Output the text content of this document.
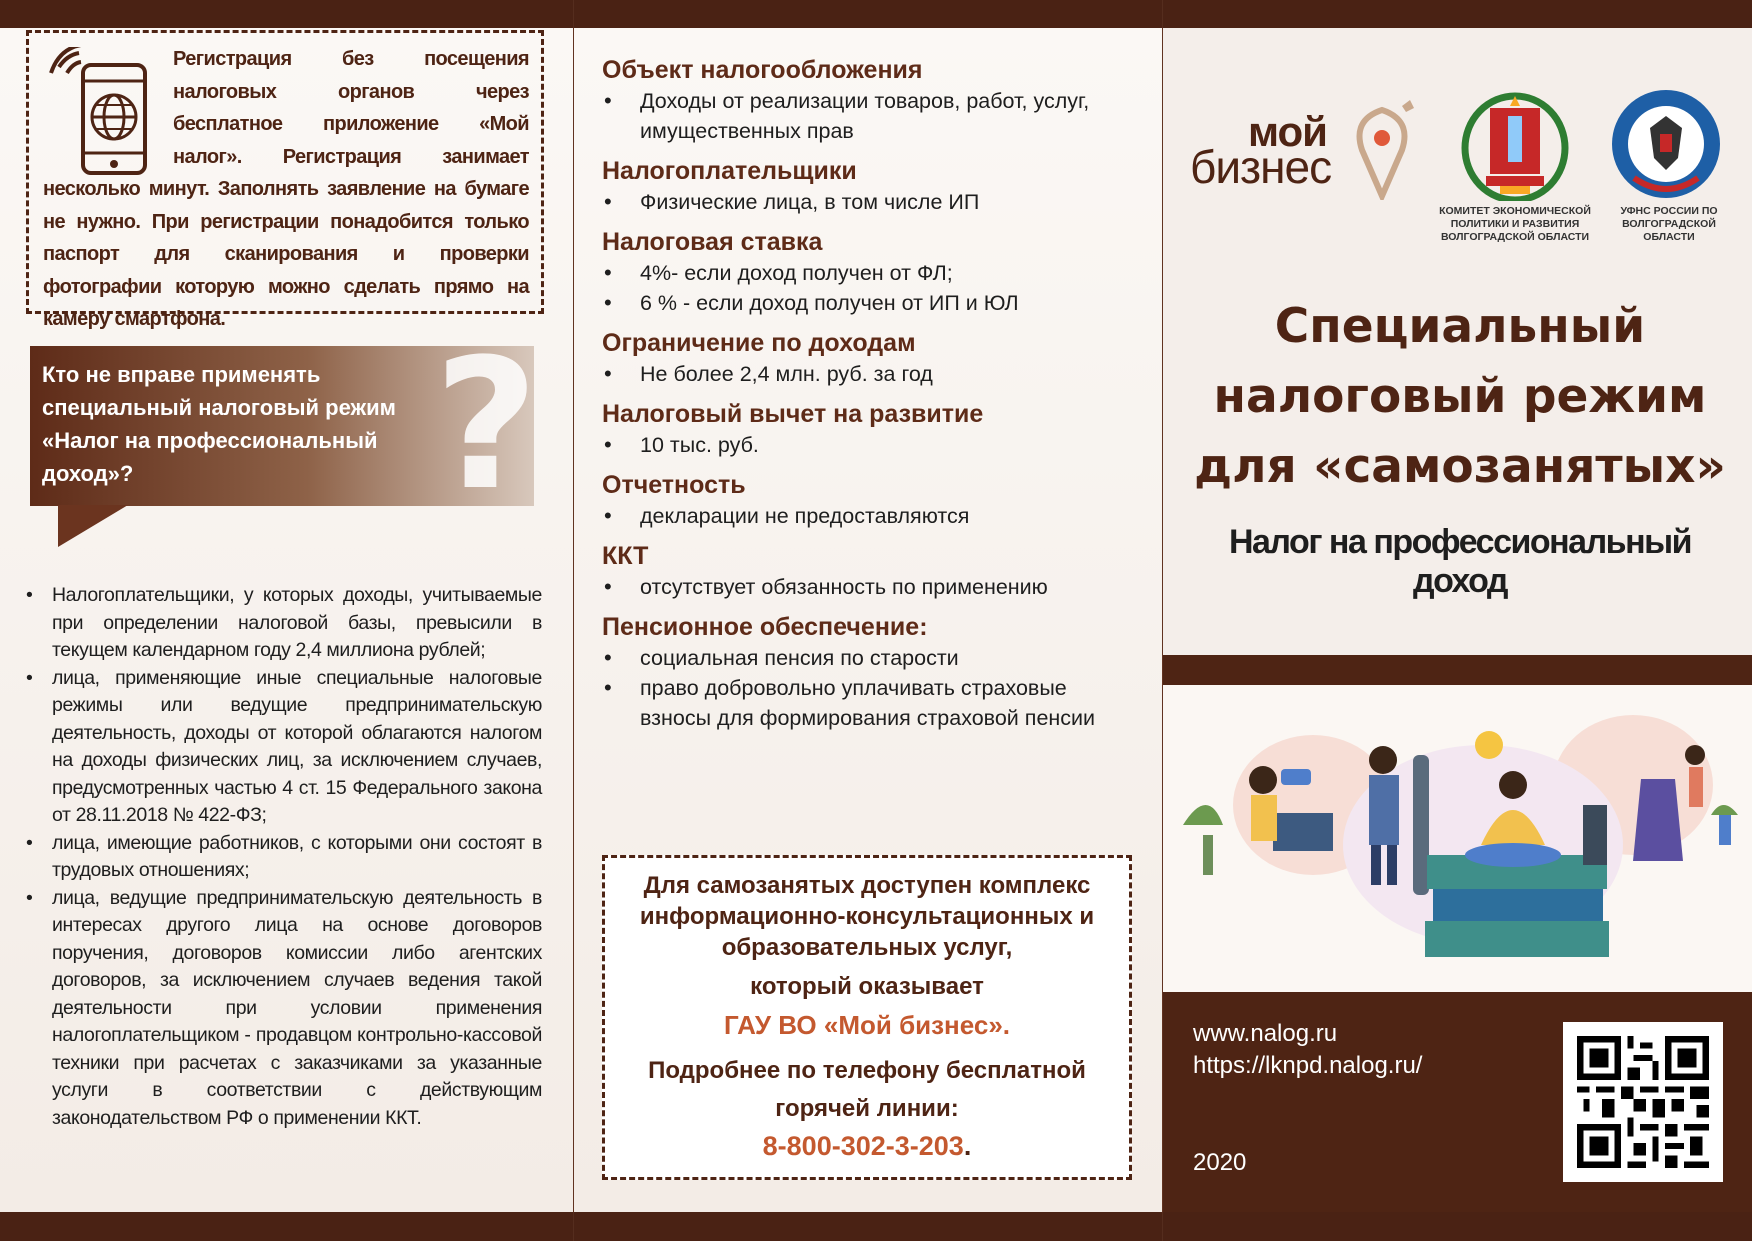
Регистрация без посещения налоговых органов через бесплатное приложение «Мой налог». Регистрация занимает несколько минут. Заполнять заявление на бумаге не нужно. При регистрации понадобится только паспорт для сканирования и проверки фотографии которую можно сделать прямо на камеру смартфона.
Кто не вправе применять специальный налоговый режим «Налог на профессиональный доход»?	?
• Налогоплательщики, у которых доходы, учитываемые при определении налоговой базы, превысили в текущем календарном году 2,4 миллиона рублей;
• лица, применяющие иные специальные налоговые режимы или ведущие предпринимательскую деятельность, доходы от которой облагаются налогом на доходы физических лиц, за исключением случаев, предусмотренных частью 4 ст. 15 Федерального закона от 28.11.2018 № 422-ФЗ;
• лица, имеющие работников, с которыми они состоят в трудовых отношениях;
• лица, ведущие предпринимательскую деятельность в интересах другого лица на основе договоров поручения, договоров комиссии либо агентских договоров, за исключением случаев ведения такой деятельности при условии применения налогоплательщиком - продавцом контрольно-кассовой техники при расчетах с заказчиками за указанные услуги в соответствии с действующим законодательством РФ о применении ККТ.
Объект налогообложения
• Доходы от реализации товаров, работ, услуг, имущественных прав
Налогоплательщики
• Физические лица, в том числе ИП
Налоговая ставка
• 4%- если доход получен от ФЛ;
• 6 % - если доход получен от ИП и ЮЛ
Ограничение по доходам
• Не более 2,4 млн. руб. за год
Налоговый вычет на развитие
• 10 тыс. руб.
Отчетность
• декларации не предоставляются
ККТ
• отсутствует обязанность по применению
Пенсионное обеспечение:
• социальная пенсия по старости
• право добровольно уплачивать страховые взносы для формирования страховой пенсии
Для самозанятых доступен комплекс информационно-консультационных и образовательных услуг,
который оказывает
ГАУ ВО «Мой бизнес».
Подробнее по телефону бесплатной горячей линии:
8-800-302-3-203.
мой
бизнес
КОМИТЕТ ЭКОНОМИЧЕСКОЙ ПОЛИТИКИ И РАЗВИТИЯ ВОЛГОГРАДСКОЙ ОБЛАСТИ
УФНС РОССИИ ПО ВОЛГОГРАДСКОЙ ОБЛАСТИ
Специальный налоговый режим для «самозанятых»
Налог на профессиональный доход
www.nalog.ru
https://lknpd.nalog.ru/
2020
